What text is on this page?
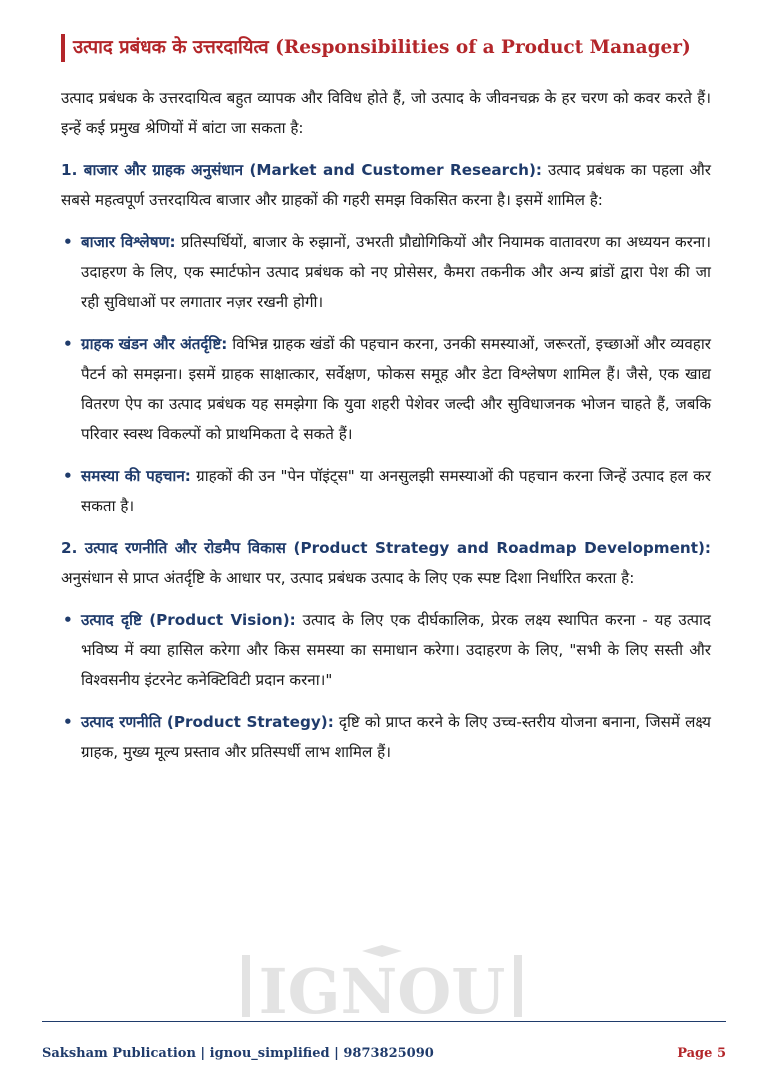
उत्पाद प्रबंधक के उत्तरदायित्व (Responsibilities of a Product Manager)

उत्पाद प्रबंधक के उत्तरदायित्व बहुत व्यापक और विविध होते हैं, जो उत्पाद के जीवनचक्र के हर चरण को कवर करते हैं। इन्हें कई प्रमुख श्रेणियों में बांटा जा सकता है:

1. बाजार और ग्राहक अनुसंधान (Market and Customer Research): उत्पाद प्रबंधक का पहला और सबसे महत्वपूर्ण उत्तरदायित्व बाजार और ग्राहकों की गहरी समझ विकसित करना है। इसमें शामिल है:

• बाजार विश्लेषण: प्रतिस्पर्धियों, बाजार के रुझानों, उभरती प्रौद्योगिकियों और नियामक वातावरण का अध्ययन करना। उदाहरण के लिए, एक स्मार्टफोन उत्पाद प्रबंधक को नए प्रोसेसर, कैमरा तकनीक और अन्य ब्रांडों द्वारा पेश की जा रही सुविधाओं पर लगातार नज़र रखनी होगी।
• ग्राहक खंडन और अंतर्दृष्टि: विभिन्न ग्राहक खंडों की पहचान करना, उनकी समस्याओं, जरूरतों, इच्छाओं और व्यवहार पैटर्न को समझना। इसमें ग्राहक साक्षात्कार, सर्वेक्षण, फोकस समूह और डेटा विश्लेषण शामिल हैं। जैसे, एक खाद्य वितरण ऐप का उत्पाद प्रबंधक यह समझेगा कि युवा शहरी पेशेवर जल्दी और सुविधाजनक भोजन चाहते हैं, जबकि परिवार स्वस्थ विकल्पों को प्राथमिकता दे सकते हैं।
• समस्या की पहचान: ग्राहकों की उन "पेन पॉइंट्स" या अनसुलझी समस्याओं की पहचान करना जिन्हें उत्पाद हल कर सकता है।

2. उत्पाद रणनीति और रोडमैप विकास (Product Strategy and Roadmap Development): अनुसंधान से प्राप्त अंतर्दृष्टि के आधार पर, उत्पाद प्रबंधक उत्पाद के लिए एक स्पष्ट दिशा निर्धारित करता है:

• उत्पाद दृष्टि (Product Vision): उत्पाद के लिए एक दीर्घकालिक, प्रेरक लक्ष्य स्थापित करना - यह उत्पाद भविष्य में क्या हासिल करेगा और किस समस्या का समाधान करेगा। उदाहरण के लिए, "सभी के लिए सस्ती और विश्वसनीय इंटरनेट कनेक्टिविटी प्रदान करना।"
• उत्पाद रणनीति (Product Strategy): दृष्टि को प्राप्त करने के लिए उच्च-स्तरीय योजना बनाना, जिसमें लक्ष्य ग्राहक, मुख्य मूल्य प्रस्ताव और प्रतिस्पर्धी लाभ शामिल हैं।
IGNOU
Saksham Publication | ignou_simplified | 9873825090	Page 5
